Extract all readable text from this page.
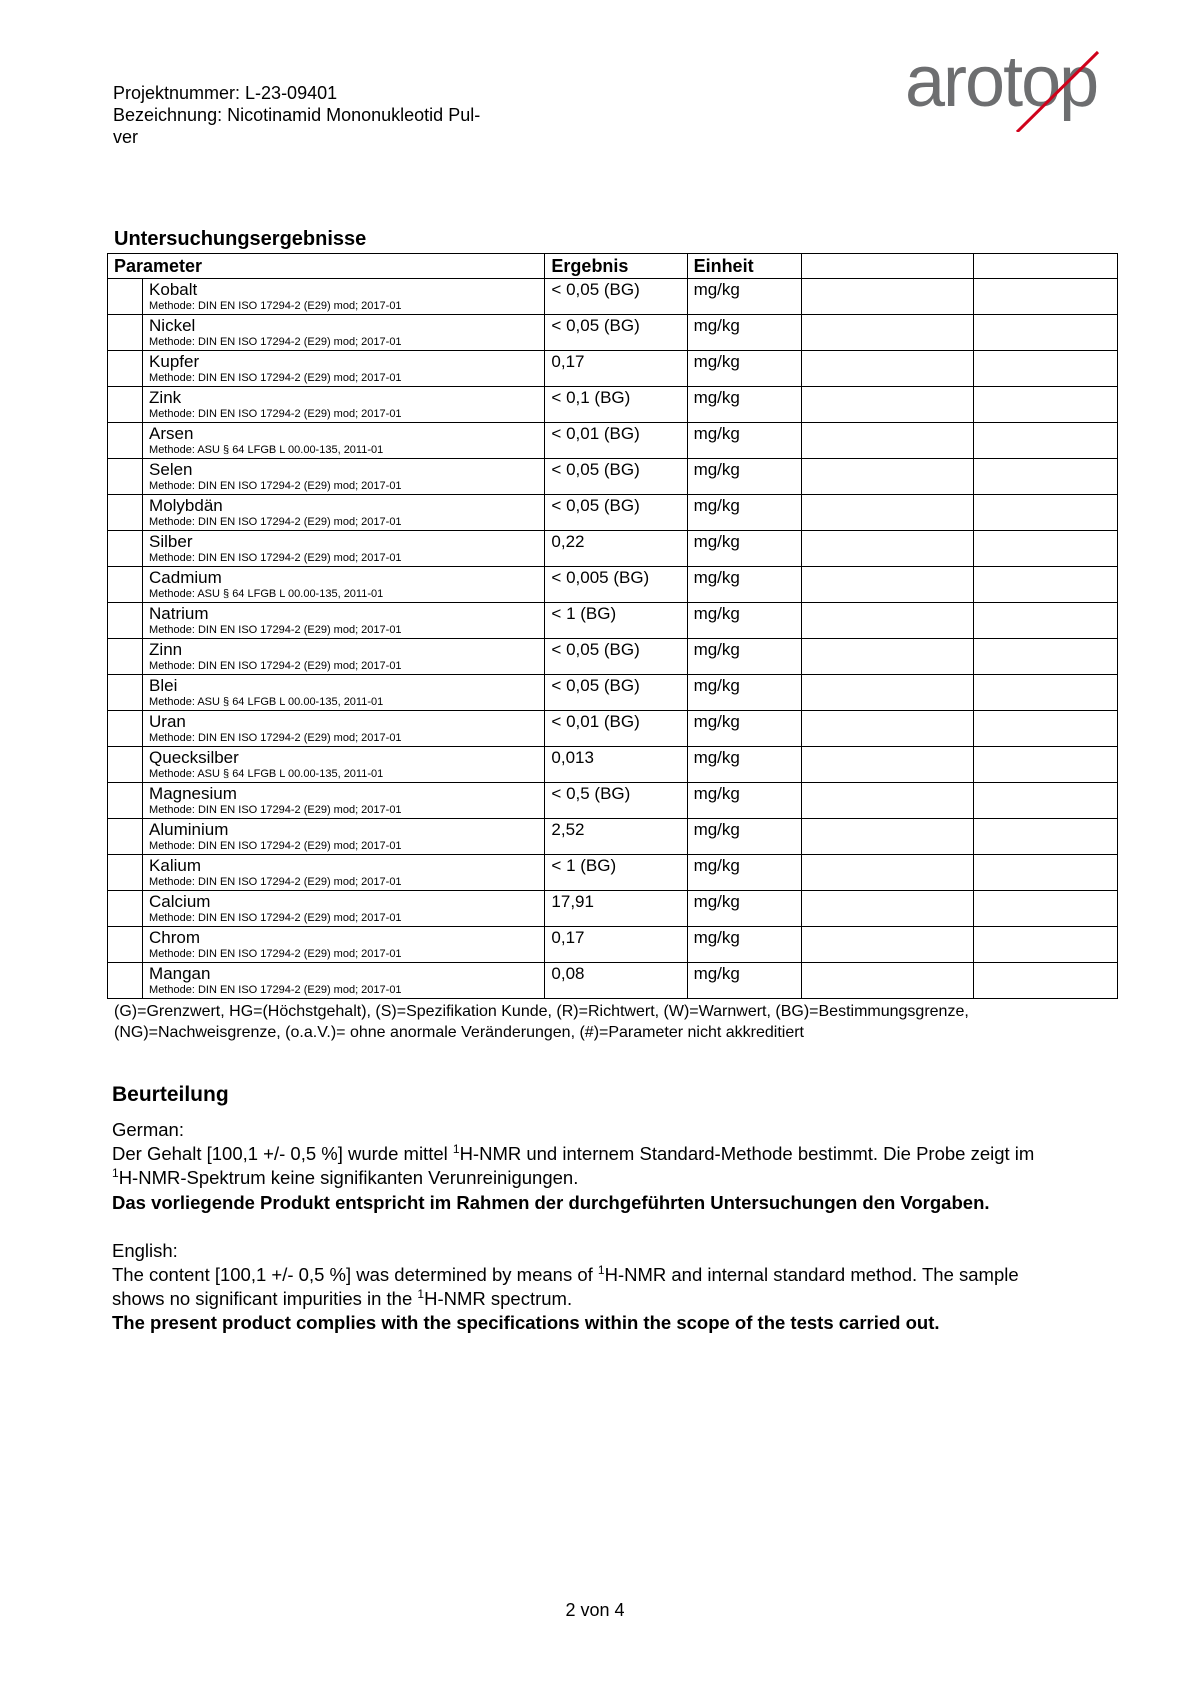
Projektnummer: L-23-09401
Bezeichnung: Nicotinamid Mononukleotid Pul-
ver
arotop
Untersuchungsergebnisse
Parameter		Ergebnis	Einheit		

	Kobalt
Methode: DIN EN ISO 17294-2 (E29) mod; 2017-01	< 0,05 (BG)	mg/kg		

	Nickel
Methode: DIN EN ISO 17294-2 (E29) mod; 2017-01	< 0,05 (BG)	mg/kg		

	Kupfer
Methode: DIN EN ISO 17294-2 (E29) mod; 2017-01	0,17	mg/kg		

	Zink
Methode: DIN EN ISO 17294-2 (E29) mod; 2017-01	< 0,1 (BG)	mg/kg		

	Arsen
Methode: ASU § 64 LFGB L 00.00-135, 2011-01	< 0,01 (BG)	mg/kg		

	Selen
Methode: DIN EN ISO 17294-2 (E29) mod; 2017-01	< 0,05 (BG)	mg/kg		

	Molybdän
Methode: DIN EN ISO 17294-2 (E29) mod; 2017-01	< 0,05 (BG)	mg/kg		

	Silber
Methode: DIN EN ISO 17294-2 (E29) mod; 2017-01	0,22	mg/kg		

	Cadmium
Methode: ASU § 64 LFGB L 00.00-135, 2011-01	< 0,005 (BG)	mg/kg		

	Natrium
Methode: DIN EN ISO 17294-2 (E29) mod; 2017-01	< 1 (BG)	mg/kg		

	Zinn
Methode: DIN EN ISO 17294-2 (E29) mod; 2017-01	< 0,05 (BG)	mg/kg		

	Blei
Methode: ASU § 64 LFGB L 00.00-135, 2011-01	< 0,05 (BG)	mg/kg		

	Uran
Methode: DIN EN ISO 17294-2 (E29) mod; 2017-01	< 0,01 (BG)	mg/kg		

	Quecksilber
Methode: ASU § 64 LFGB L 00.00-135, 2011-01	0,013	mg/kg		

	Magnesium
Methode: DIN EN ISO 17294-2 (E29) mod; 2017-01	< 0,5 (BG)	mg/kg		

	Aluminium
Methode: DIN EN ISO 17294-2 (E29) mod; 2017-01	2,52	mg/kg		

	Kalium
Methode: DIN EN ISO 17294-2 (E29) mod; 2017-01	< 1 (BG)	mg/kg		

	Calcium
Methode: DIN EN ISO 17294-2 (E29) mod; 2017-01	17,91	mg/kg		

	Chrom
Methode: DIN EN ISO 17294-2 (E29) mod; 2017-01	0,17	mg/kg		

	Mangan
Methode: DIN EN ISO 17294-2 (E29) mod; 2017-01	0,08	mg/kg		

(G)=Grenzwert, HG=(Höchstgehalt), (S)=Spezifikation Kunde, (R)=Richtwert, (W)=Warnwert, (BG)=Bestimmungsgrenze,
(NG)=Nachweisgrenze, (o.a.V.)= ohne anormale Veränderungen, (#)=Parameter nicht akkreditiert
Beurteilung
German:
Der Gehalt [100,1 +/- 0,5 %] wurde mittel $^1$H-NMR und internem Standard-Methode bestimmt. Die Probe zeigt im
$^1$H-NMR-Spektrum keine signifikanten Verunreinigungen.
Das vorliegende Produkt entspricht im Rahmen der durchgeführten Untersuchungen den Vorgaben.
English:
The content [100,1 +/- 0,5 %] was determined by means of $^1$H-NMR and internal standard method. The sample
shows no significant impurities in the $^1$H-NMR spectrum.
The present product complies with the specifications within the scope of the tests carried out.
2 von 4
